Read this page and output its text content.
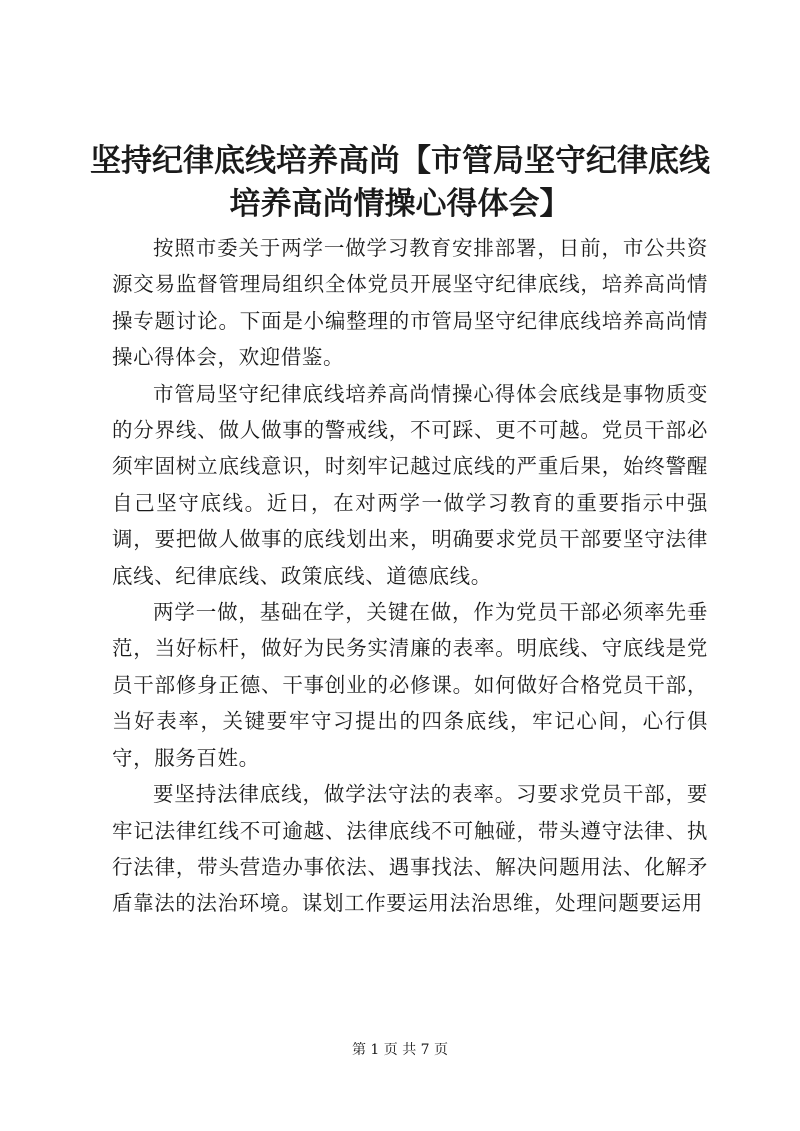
坚持纪律底线培养高尚【市管局坚守纪律底线
培养高尚情操心得体会】

按照市委关于两学一做学习教育安排部署，日前，市公共资源交易监督管理局组织全体党员开展坚守纪律底线，培养高尚情操专题讨论。下面是小编整理的市管局坚守纪律底线培养高尚情操心得体会，欢迎借鉴。

市管局坚守纪律底线培养高尚情操心得体会底线是事物质变的分界线、做人做事的警戒线，不可踩、更不可越。党员干部必须牢固树立底线意识，时刻牢记越过底线的严重后果，始终警醒自己坚守底线。近日，在对两学一做学习教育的重要指示中强调，要把做人做事的底线划出来，明确要求党员干部要坚守法律底线、纪律底线、政策底线、道德底线。

两学一做，基础在学，关键在做，作为党员干部必须率先垂范，当好标杆，做好为民务实清廉的表率。明底线、守底线是党员干部修身正德、干事创业的必修课。如何做好合格党员干部，当好表率，关键要牢守习提出的四条底线，牢记心间，心行俱守，服务百姓。

要坚持法律底线，做学法守法的表率。习要求党员干部，要牢记法律红线不可逾越、法律底线不可触碰，带头遵守法律、执行法律，带头营造办事依法、遇事找法、解决问题用法、化解矛盾靠法的法治环境。谋划工作要运用法治思维，处理问题要运用

第 1 页 共 7 页
